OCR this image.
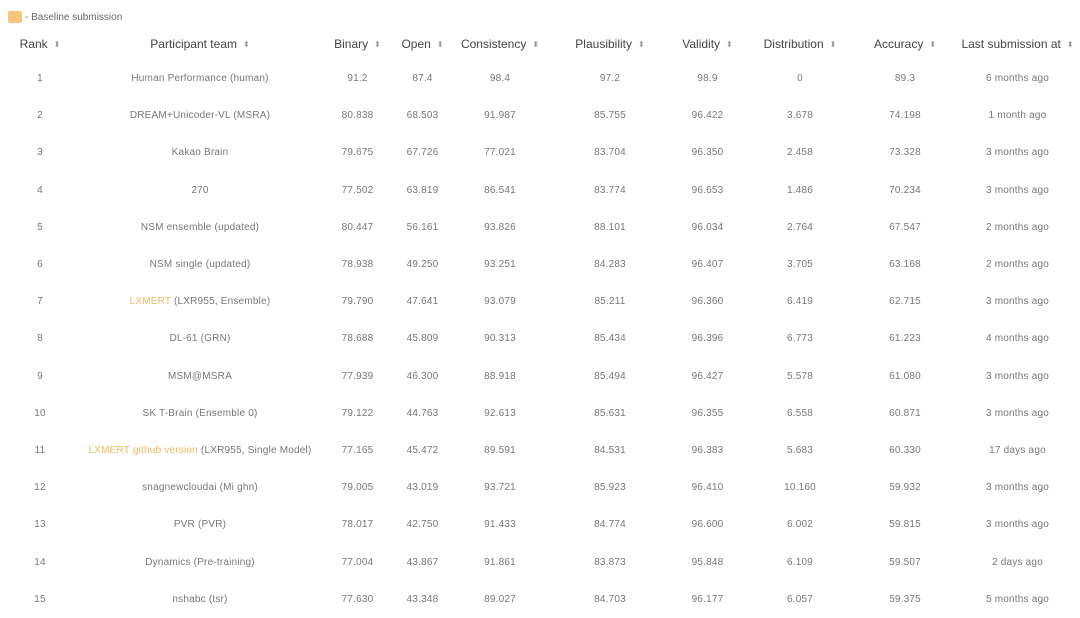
- Baseline submission
Rank ⬍	Participant team ⬍	Binary ⬍	Open ⬍	Consistency ⬍	Plausibility ⬍	Validity ⬍	Distribution ⬍	Accuracy ⬍	Last submission at ⬍
1	Human Performance (human)	91.2	87.4	98.4	97.2	98.9	0	89.3	6 months ago
2	DREAM+Unicoder-VL (MSRA)	80.838	68.503	91.987	85.755	96.422	3.678	74.198	1 month ago
3	Kakao Brain	79.675	67.726	77.021	83.704	96.350	2.458	73.328	3 months ago
4	270	77.502	63.819	86.541	83.774	96.653	1.486	70.234	3 months ago
5	NSM ensemble (updated)	80.447	56.161	93.826	88.101	96.034	2.764	67.547	2 months ago
6	NSM single (updated)	78.938	49.250	93.251	84.283	96.407	3.705	63.168	2 months ago
7	LXMERT (LXR955, Ensemble)	79.790	47.641	93.079	85.211	96.360	6.419	62.715	3 months ago
8	DL-61 (GRN)	78.688	45.809	90.313	85.434	96.396	6.773	61.223	4 months ago
9	MSM@MSRA	77.939	46.300	88.918	85.494	96.427	5.578	61.080	3 months ago
10	SK T-Brain (Ensemble 0)	79.122	44.763	92.613	85.631	96.355	6.558	60.871	3 months ago
11	LXMERT github version (LXR955, Single Model)	77.165	45.472	89.591	84.531	96.383	5.683	60.330	17 days ago
12	snagnewcloudai (Mi ghn)	79.005	43.019	93.721	85.923	96.410	10.160	59.932	3 months ago
13	PVR (PVR)	78.017	42.750	91.433	84.774	96.600	6.002	59.815	3 months ago
14	Dynamics (Pre-training)	77.004	43.867	91.861	83.873	95.848	6.109	59.507	2 days ago
15	nshabc (tsr)	77.630	43.348	89.027	84.703	96.177	6.057	59.375	5 months ago
